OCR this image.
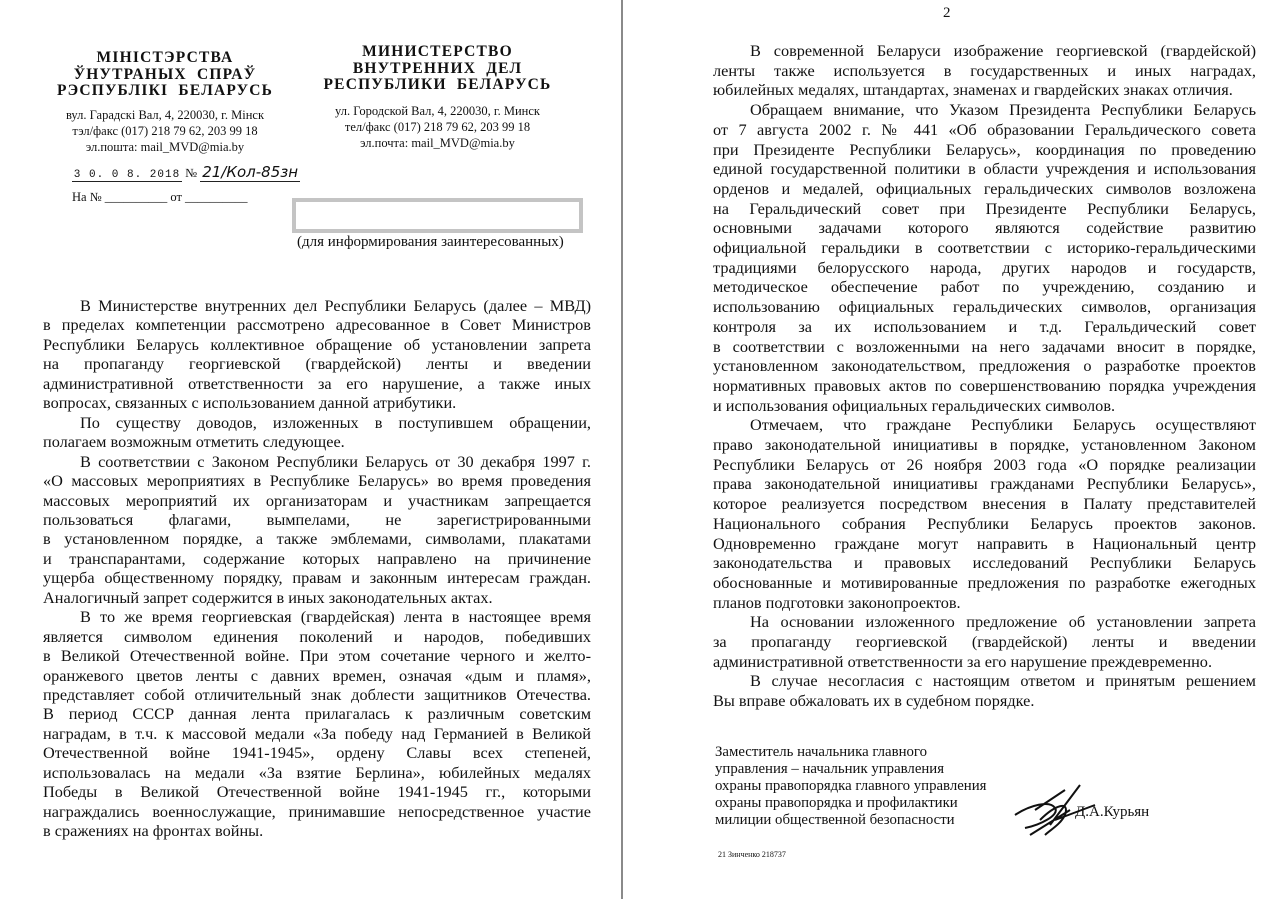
МІНІСТЭРСТВА
ЎНУТРАНЫХ  СПРАЎ
РЭСПУБЛІКІ  БЕЛАРУСЬ
вул. Гарадскі Вал, 4, 220030, г. Мінск
тэл/факс (017) 218 79 62, 203 99 18
эл.пошта: mail_MVD@mia.by
МИНИСТЕРСТВО
ВНУТРЕННИХ  ДЕЛ
РЕСПУБЛИКИ  БЕЛАРУСЬ
ул. Городской Вал, 4, 220030, г. Минск
тел/факс (017) 218 79 62, 203 99 18
эл.почта: mail_MVD@mia.by
3 0. 0 8. 2018 № 21/Кол-85зн
На № __________ от __________
(для информирования заинтересованных)
В Министерстве внутренних дел Республики Беларусь (далее – МВД)
в пределах компетенции рассмотрено адресованное в Совет Министров
Республики Беларусь коллективное обращение об установлении запрета
на пропаганду георгиевской (гвардейской) ленты и введении
административной ответственности за его нарушение, а также иных
вопросах, связанных с использованием данной атрибутики.
По существу доводов, изложенных в поступившем обращении,
полагаем возможным отметить следующее.
В соответствии с Законом Республики Беларусь от 30 декабря 1997 г.
«О массовых мероприятиях в Республике Беларусь» во время проведения
массовых мероприятий их организаторам и участникам запрещается
пользоваться флагами, вымпелами, не зарегистрированными
в установленном порядке, а также эмблемами, символами, плакатами
и транспарантами, содержание которых направлено на причинение
ущерба общественному порядку, правам и законным интересам граждан.
Аналогичный запрет содержится в иных законодательных актах.
В то же время георгиевская (гвардейская) лента в настоящее время
является символом единения поколений и народов, победивших
в Великой Отечественной войне. При этом сочетание черного и желто-
оранжевого цветов ленты с давних времен, означая «дым и пламя»,
представляет собой отличительный знак доблести защитников Отечества.
В период СССР данная лента прилагалась к различным советским
наградам, в т.ч. к массовой медали «За победу над Германией в Великой
Отечественной войне 1941-1945», ордену Славы всех степеней,
использовалась на медали «За взятие Берлина», юбилейных медалях
Победы в Великой Отечественной войне 1941-1945 гг., которыми
награждались военнослужащие, принимавшие непосредственное участие
в сражениях на фронтах войны.
В современной Беларуси изображение георгиевской (гвардейской)
ленты также используется в государственных и иных наградах,
юбилейных медалях, штандартах, знаменах и гвардейских знаках отличия.
Обращаем внимание, что Указом Президента Республики Беларусь
от 7 августа 2002 г. № 441 «Об образовании Геральдического совета
при Президенте Республики Беларусь», координация по проведению
единой государственной политики в области учреждения и использования
орденов и медалей, официальных геральдических символов возложена
на Геральдический совет при Президенте Республики Беларусь,
основными задачами которого являются содействие развитию
официальной геральдики в соответствии с историко-геральдическими
традициями белорусского народа, других народов и государств,
методическое обеспечение работ по учреждению, созданию и
использованию официальных геральдических символов, организация
контроля за их использованием и т.д. Геральдический совет
в соответствии с возложенными на него задачами вносит в порядке,
установленном законодательством, предложения о разработке проектов
нормативных правовых актов по совершенствованию порядка учреждения
и использования официальных геральдических символов.
Отмечаем, что граждане Республики Беларусь осуществляют
право законодательной инициативы в порядке, установленном Законом
Республики Беларусь от 26 ноября 2003 года «О порядке реализации
права законодательной инициативы гражданами Республики Беларусь»,
которое реализуется посредством внесения в Палату представителей
Национального собрания Республики Беларусь проектов законов.
Одновременно граждане могут направить в Национальный центр
законодательства и правовых исследований Республики Беларусь
обоснованные и мотивированные предложения по разработке ежегодных
планов подготовки законопроектов.
На основании изложенного предложение об установлении запрета
за пропаганду георгиевской (гвардейской) ленты и введении
административной ответственности за его нарушение преждевременно.
В случае несогласия с настоящим ответом и принятым решением
Вы вправе обжаловать их в судебном порядке.
2
Заместитель начальника главного
управления – начальник управления
охраны правопорядка главного управления
охраны правопорядка и профилактики
милиции общественной безопасности	Д.А.Курьян
21 Зинченко 218737
